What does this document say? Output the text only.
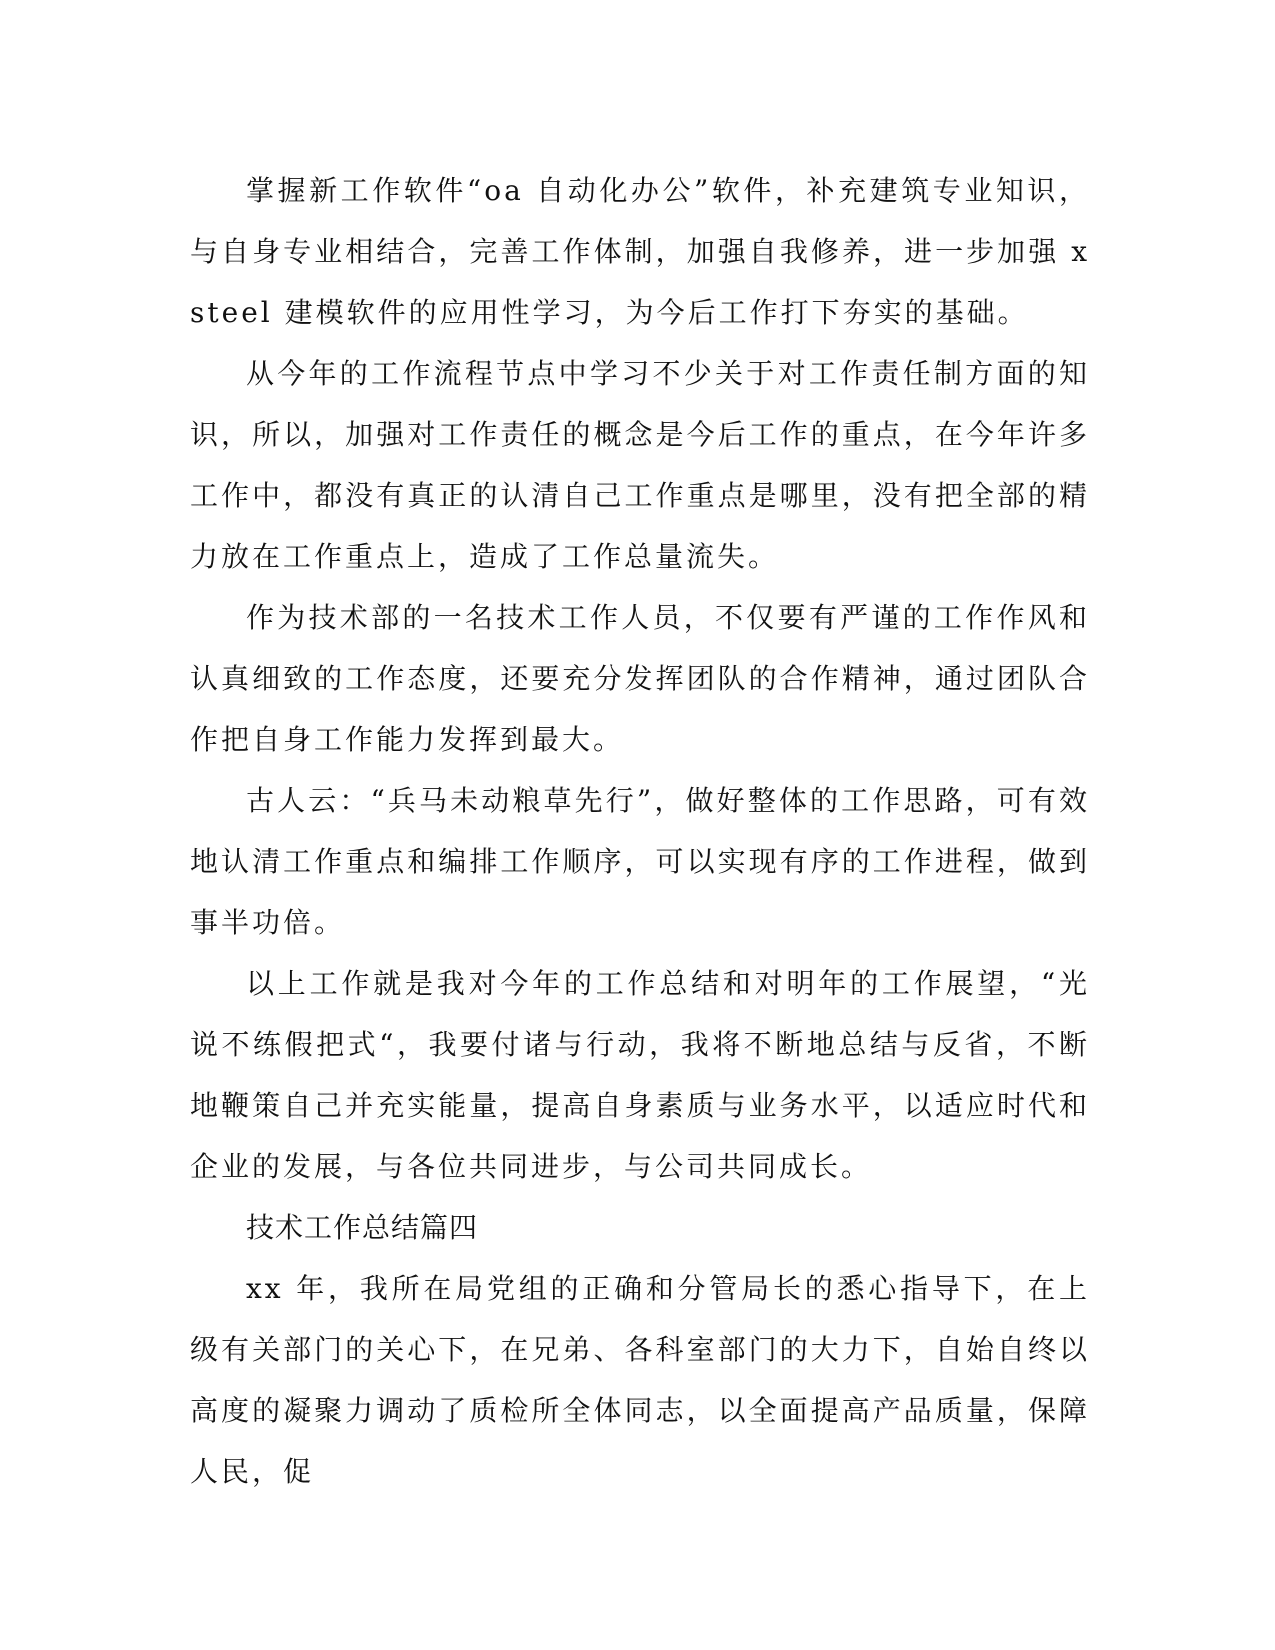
掌握新工作软件“oa 自动化办公”软件，补充建筑专业知识，与自身专业相结合，完善工作体制，加强自我修养，进一步加强 xsteel 建模软件的应用性学习，为今后工作打下夯实的基础。

从今年的工作流程节点中学习不少关于对工作责任制方面的知识，所以，加强对工作责任的概念是今后工作的重点，在今年许多工作中，都没有真正的认清自己工作重点是哪里，没有把全部的精力放在工作重点上，造成了工作总量流失。

作为技术部的一名技术工作人员，不仅要有严谨的工作作风和认真细致的工作态度，还要充分发挥团队的合作精神，通过团队合作把自身工作能力发挥到最大。

古人云：“兵马未动粮草先行”，做好整体的工作思路，可有效地认清工作重点和编排工作顺序，可以实现有序的工作进程，做到事半功倍。

以上工作就是我对今年的工作总结和对明年的工作展望，“光说不练假把式“，我要付诸与行动，我将不断地总结与反省，不断地鞭策自己并充实能量，提高自身素质与业务水平，以适应时代和企业的发展，与各位共同进步，与公司共同成长。

技术工作总结篇四

xx 年，我所在局党组的正确和分管局长的悉心指导下，在上级有关部门的关心下，在兄弟、各科室部门的大力下，自始自终以高度的凝聚力调动了质检所全体同志，以全面提高产品质量，保障人民，促
